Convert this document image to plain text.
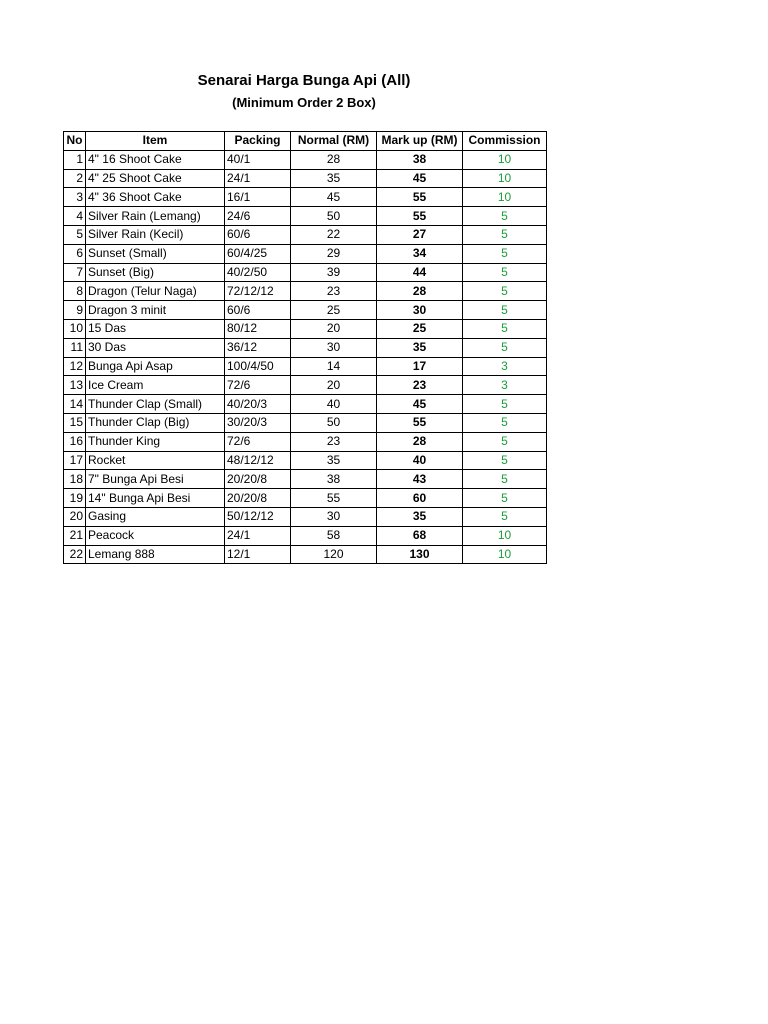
Senarai Harga Bunga Api (All)
(Minimum Order 2 Box)
No	Item	Packing	Normal (RM)	Mark up (RM)	Commission
1	4" 16 Shoot Cake	40/1	28	38	10
2	4" 25 Shoot Cake	24/1	35	45	10
3	4" 36 Shoot Cake	16/1	45	55	10
4	Silver Rain (Lemang)	24/6	50	55	5
5	Silver Rain (Kecil)	60/6	22	27	5
6	Sunset (Small)	60/4/25	29	34	5
7	Sunset (Big)	40/2/50	39	44	5
8	Dragon (Telur Naga)	72/12/12	23	28	5
9	Dragon 3 minit	60/6	25	30	5
10	15 Das	80/12	20	25	5
11	30 Das	36/12	30	35	5
12	Bunga Api Asap	100/4/50	14	17	3
13	Ice Cream	72/6	20	23	3
14	Thunder Clap (Small)	40/20/3	40	45	5
15	Thunder Clap (Big)	30/20/3	50	55	5
16	Thunder King	72/6	23	28	5
17	Rocket	48/12/12	35	40	5
18	7" Bunga Api Besi	20/20/8	38	43	5
19	14" Bunga Api Besi	20/20/8	55	60	5
20	Gasing	50/12/12	30	35	5
21	Peacock	24/1	58	68	10
22	Lemang 888	12/1	120	130	10
